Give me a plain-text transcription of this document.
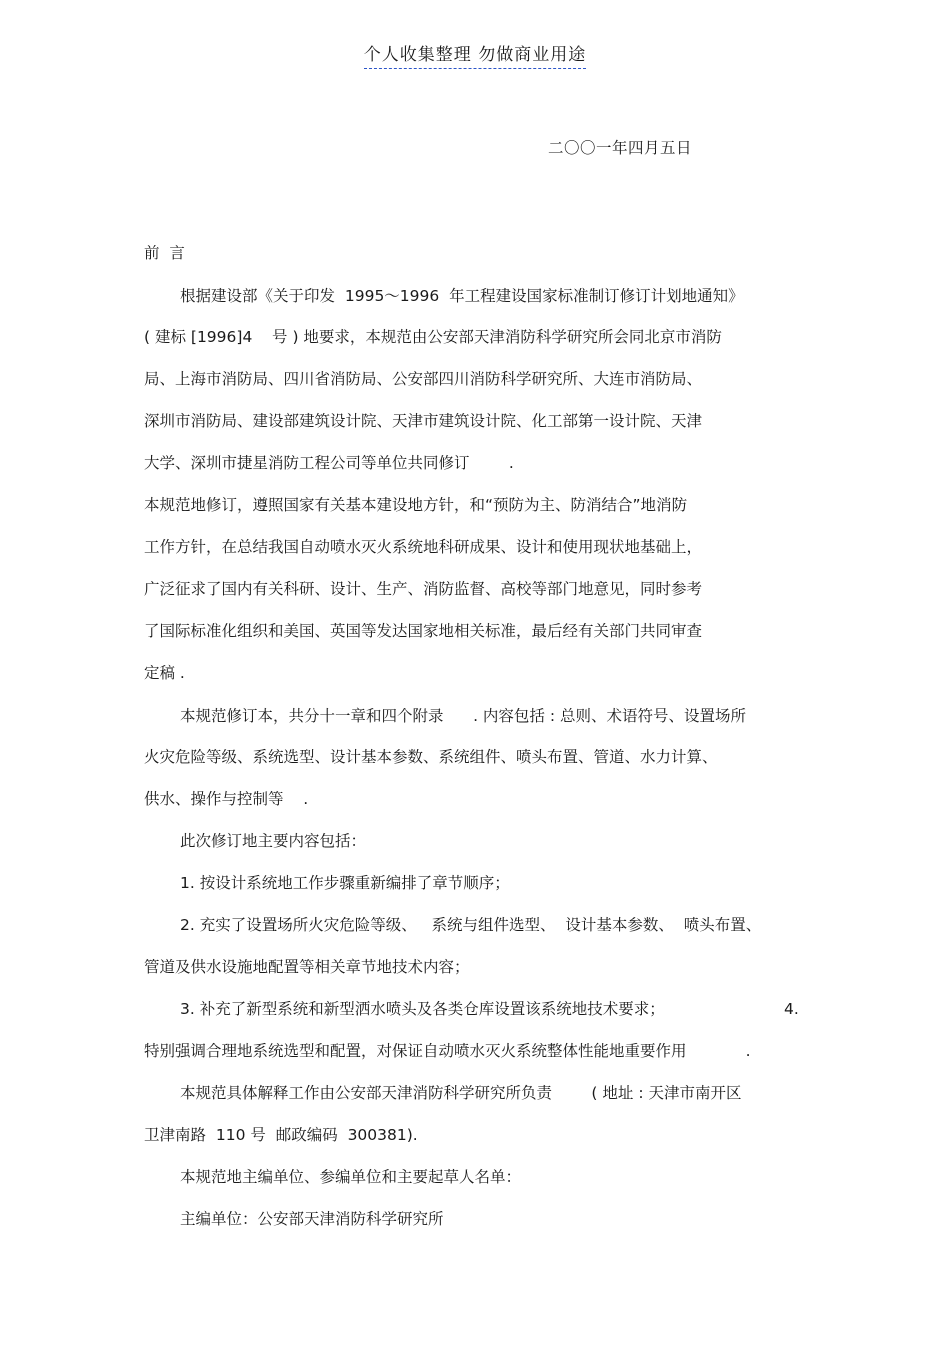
个人收集整理 勿做商业用途
二〇〇一年四月五日
前  言
根据建设部《关于印发  1995～1996  年工程建设国家标准制订修订计划地通知》
( 建标 [1996]4    号 ) 地要求，本规范由公安部天津消防科学研究所会同北京市消防
局、上海市消防局、四川省消防局、公安部四川消防科学研究所、大连市消防局、
深圳市消防局、建设部建筑设计院、天津市建筑设计院、化工部第一设计院、天津
大学、深圳市捷星消防工程公司等单位共同修订        .
本规范地修订，遵照国家有关基本建设地方针，和“预防为主、防消结合”地消防
工作方针，在总结我国自动喷水灭火系统地科研成果、设计和使用现状地基础上，
广泛征求了国内有关科研、设计、生产、消防监督、高校等部门地意见，同时参考
了国际标准化组织和美国、英国等发达国家地相关标准，最后经有关部门共同审查
定稿 .
本规范修订本，共分十一章和四个附录      . 内容包括 : 总则、术语符号、设置场所
火灾危险等级、系统选型、设计基本参数、系统组件、喷头布置、管道、水力计算、
供水、操作与控制等    .
此次修订地主要内容包括：
1. 按设计系统地工作步骤重新编排了章节顺序；
2. 充实了设置场所火灾危险等级、   系统与组件选型、  设计基本参数、  喷头布置、
管道及供水设施地配置等相关章节地技术内容；
3. 补充了新型系统和新型洒水喷头及各类仓库设置该系统地技术要求；	4.
特别强调合理地系统选型和配置，对保证自动喷水灭火系统整体性能地重要作用            .
本规范具体解释工作由公安部天津消防科学研究所负责        ( 地址 : 天津市南开区
卫津南路  110 号  邮政编码  300381).
本规范地主编单位、参编单位和主要起草人名单：
主编单位：公安部天津消防科学研究所
